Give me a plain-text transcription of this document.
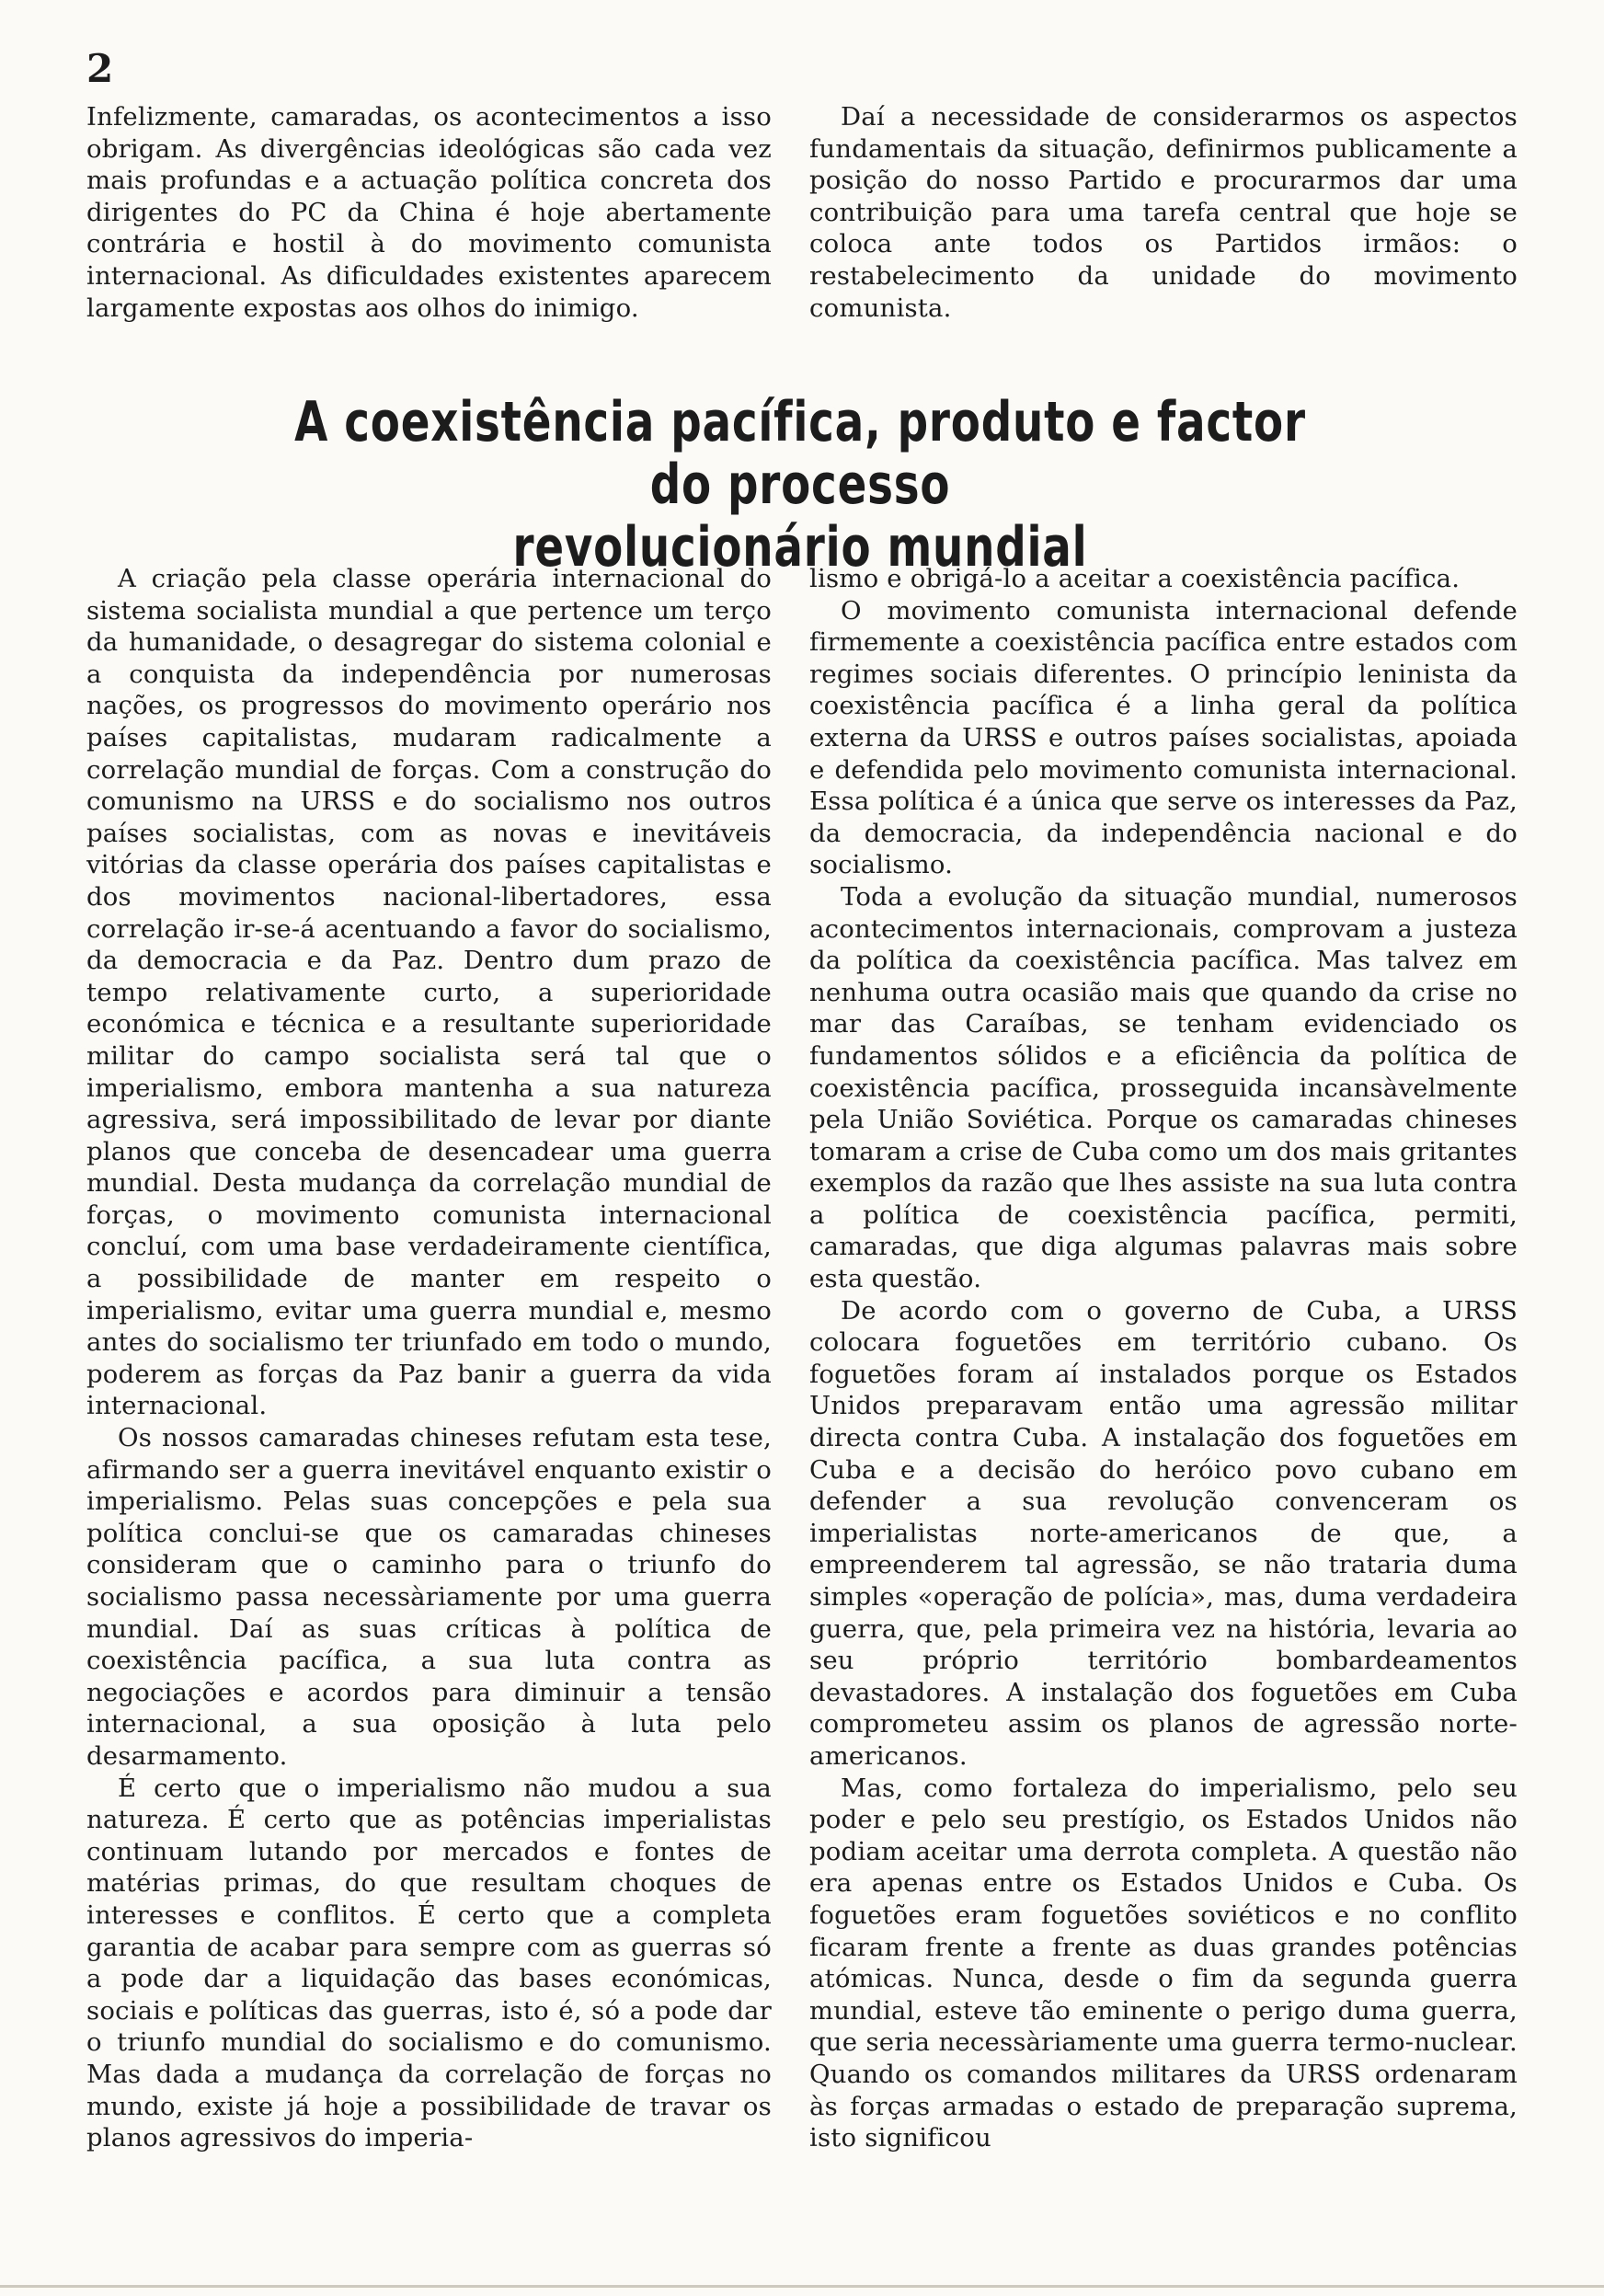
2

Infelizmente, camaradas, os acontecimentos a isso obrigam. As divergências ideológicas são cada vez mais profundas e a actuação política concreta dos dirigentes do PC da China é hoje abertamente contrária e hostil à do movimento comunista internacional. As dificuldades existentes aparecem largamente expostas aos olhos do inimigo.

Daí a necessidade de considerarmos os aspectos fundamentais da situação, definirmos publicamente a posição do nosso Partido e procurarmos dar uma contribuição para uma tarefa central que hoje se coloca ante todos os Partidos irmãos: o restabelecimento da unidade do movimento comunista.

A coexistência pacífica, produto e factor do processo
revolucionário mundial

A criação pela classe operária internacional do sistema socialista mundial a que pertence um terço da humanidade, o desagregar do sistema colonial e a conquista da independência por numerosas nações, os progressos do movimento operário nos países capitalistas, mudaram radicalmente a correlação mundial de forças. Com a construção do comunismo na URSS e do socialismo nos outros países socialistas, com as novas e inevitáveis vitórias da classe operária dos países capitalistas e dos movimentos nacional-libertadores, essa correlação ir-se-á acentuando a favor do socialismo, da democracia e da Paz. Dentro dum prazo de tempo relativamente curto, a superioridade económica e técnica e a resultante superioridade militar do campo socialista será tal que o imperialismo, embora mantenha a sua natureza agressiva, será impossibilitado de levar por diante planos que conceba de desencadear uma guerra mundial. Desta mudança da correlação mundial de forças, o movimento comunista internacional concluí, com uma base verdadeiramente científica, a possibilidade de manter em respeito o imperialismo, evitar uma guerra mundial e, mesmo antes do socialismo ter triunfado em todo o mundo, poderem as forças da Paz banir a guerra da vida internacional.

Os nossos camaradas chineses refutam esta tese, afirmando ser a guerra inevitável enquanto existir o imperialismo. Pelas suas concepções e pela sua política conclui-se que os camaradas chineses consideram que o caminho para o triunfo do socialismo passa necessàriamente por uma guerra mundial. Daí as suas críticas à política de coexistência pacífica, a sua luta contra as negociações e acordos para diminuir a tensão internacional, a sua oposição à luta pelo desarmamento.

É certo que o imperialismo não mudou a sua natureza. É certo que as potências imperialistas continuam lutando por mercados e fontes de matérias primas, do que resultam choques de interesses e conflitos. É certo que a completa garantia de acabar para sempre com as guerras só a pode dar a liquidação das bases económicas, sociais e políticas das guerras, isto é, só a pode dar o triunfo mundial do socialismo e do comunismo. Mas dada a mudança da correlação de forças no mundo, existe já hoje a possibilidade de travar os planos agressivos do imperia-

lismo e obrigá-lo a aceitar a coexistência pacífica.

O movimento comunista internacional defende firmemente a coexistência pacífica entre estados com regimes sociais diferentes. O princípio leninista da coexistência pacífica é a linha geral da política externa da URSS e outros países socialistas, apoiada e defendida pelo movimento comunista internacional. Essa política é a única que serve os interesses da Paz, da democracia, da independência nacional e do socialismo.

Toda a evolução da situação mundial, numerosos acontecimentos internacionais, comprovam a justeza da política da coexistência pacífica. Mas talvez em nenhuma outra ocasião mais que quando da crise no mar das Caraíbas, se tenham evidenciado os fundamentos sólidos e a eficiência da política de coexistência pacífica, prosseguida incansàvelmente pela União Soviética. Porque os camaradas chineses tomaram a crise de Cuba como um dos mais gritantes exemplos da razão que lhes assiste na sua luta contra a política de coexistência pacífica, permiti, camaradas, que diga algumas palavras mais sobre esta questão.

De acordo com o governo de Cuba, a URSS colocara foguetões em território cubano. Os foguetões foram aí instalados porque os Estados Unidos preparavam então uma agressão militar directa contra Cuba. A instalação dos foguetões em Cuba e a decisão do heróico povo cubano em defender a sua revolução convenceram os imperialistas norte-americanos de que, a empreenderem tal agressão, se não trataria duma simples «operação de polícia», mas, duma verdadeira guerra, que, pela primeira vez na história, levaria ao seu próprio território bombardeamentos devastadores. A instalação dos foguetões em Cuba comprometeu assim os planos de agressão norte-americanos.

Mas, como fortaleza do imperialismo, pelo seu poder e pelo seu prestígio, os Estados Unidos não podiam aceitar uma derrota completa. A questão não era apenas entre os Estados Unidos e Cuba. Os foguetões eram foguetões soviéticos e no conflito ficaram frente a frente as duas grandes potências atómicas. Nunca, desde o fim da segunda guerra mundial, esteve tão eminente o perigo duma guerra, que seria necessàriamente uma guerra termo-nuclear. Quando os comandos militares da URSS ordenaram às forças armadas o estado de preparação suprema, isto significou
